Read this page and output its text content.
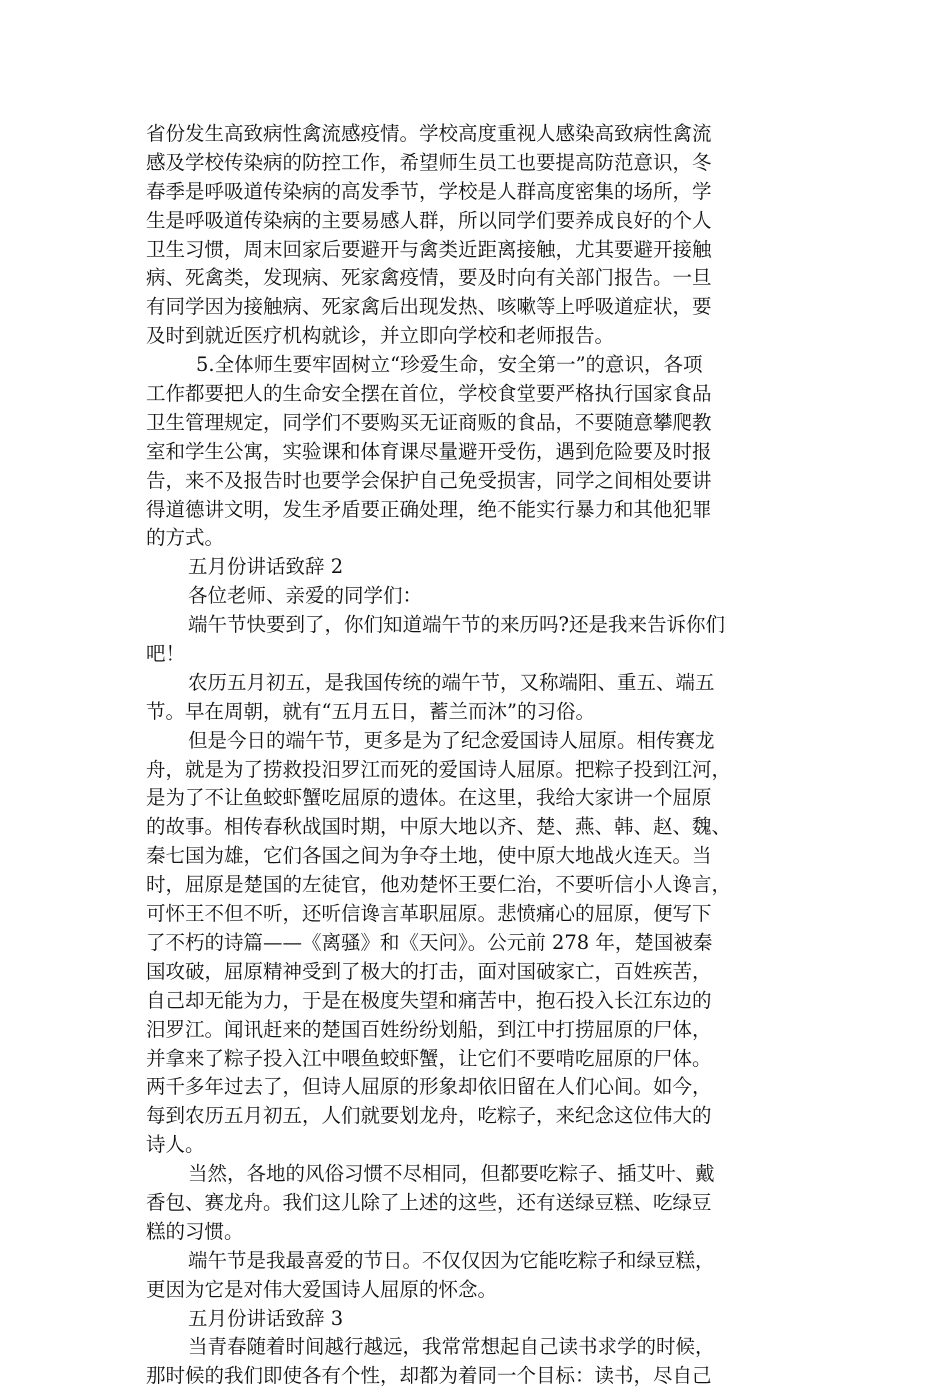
省份发生高致病性禽流感疫情。学校高度重视人感染高致病性禽流
感及学校传染病的防控工作，希望师生员工也要提高防范意识，冬
春季是呼吸道传染病的高发季节，学校是人群高度密集的场所，学
生是呼吸道传染病的主要易感人群，所以同学们要养成良好的个人
卫生习惯，周末回家后要避开与禽类近距离接触，尤其要避开接触
病、死禽类，发现病、死家禽疫情，要及时向有关部门报告。一旦
有同学因为接触病、死家禽后出现发热、咳嗽等上呼吸道症状，要
及时到就近医疗机构就诊，并立即向学校和老师报告。
5.全体师生要牢固树立“珍爱生命，安全第一”的意识，各项
工作都要把人的生命安全摆在首位，学校食堂要严格执行国家食品
卫生管理规定，同学们不要购买无证商贩的食品，不要随意攀爬教
室和学生公寓，实验课和体育课尽量避开受伤，遇到危险要及时报
告，来不及报告时也要学会保护自己免受损害，同学之间相处要讲
得道德讲文明，发生矛盾要正确处理，绝不能实行暴力和其他犯罪
的方式。
五月份讲话致辞 2
各位老师、亲爱的同学们：
端午节快要到了，你们知道端午节的来历吗?还是我来告诉你们
吧！
农历五月初五，是我国传统的端午节，又称端阳、重五、端五
节。早在周朝，就有“五月五日，蓄兰而沐”的习俗。
但是今日的端午节，更多是为了纪念爱国诗人屈原。相传赛龙
舟，就是为了捞救投汨罗江而死的爱国诗人屈原。把粽子投到江河，
是为了不让鱼蛟虾蟹吃屈原的遗体。在这里，我给大家讲一个屈原
的故事。相传春秋战国时期，中原大地以齐、楚、燕、韩、赵、魏、
秦七国为雄，它们各国之间为争夺土地，使中原大地战火连天。当
时，屈原是楚国的左徒官，他劝楚怀王要仁治，不要听信小人谗言，
可怀王不但不听，还听信谗言革职屈原。悲愤痛心的屈原，便写下
了不朽的诗篇——《离骚》和《天问》。公元前 278 年，楚国被秦
国攻破，屈原精神受到了极大的打击，面对国破家亡，百姓疾苦，
自己却无能为力，于是在极度失望和痛苦中，抱石投入长江东边的
汨罗江。闻讯赶来的楚国百姓纷纷划船，到江中打捞屈原的尸体，
并拿来了粽子投入江中喂鱼蛟虾蟹，让它们不要啃吃屈原的尸体。
两千多年过去了，但诗人屈原的形象却依旧留在人们心间。如今，
每到农历五月初五，人们就要划龙舟，吃粽子，来纪念这位伟大的
诗人。
当然，各地的风俗习惯不尽相同，但都要吃粽子、插艾叶、戴
香包、赛龙舟。我们这儿除了上述的这些，还有送绿豆糕、吃绿豆
糕的习惯。
端午节是我最喜爱的节日。不仅仅因为它能吃粽子和绿豆糕，
更因为它是对伟大爱国诗人屈原的怀念。
五月份讲话致辞 3
当青春随着时间越行越远，我常常想起自己读书求学的时候，
那时候的我们即使各有个性，却都为着同一个目标：读书，尽自己
